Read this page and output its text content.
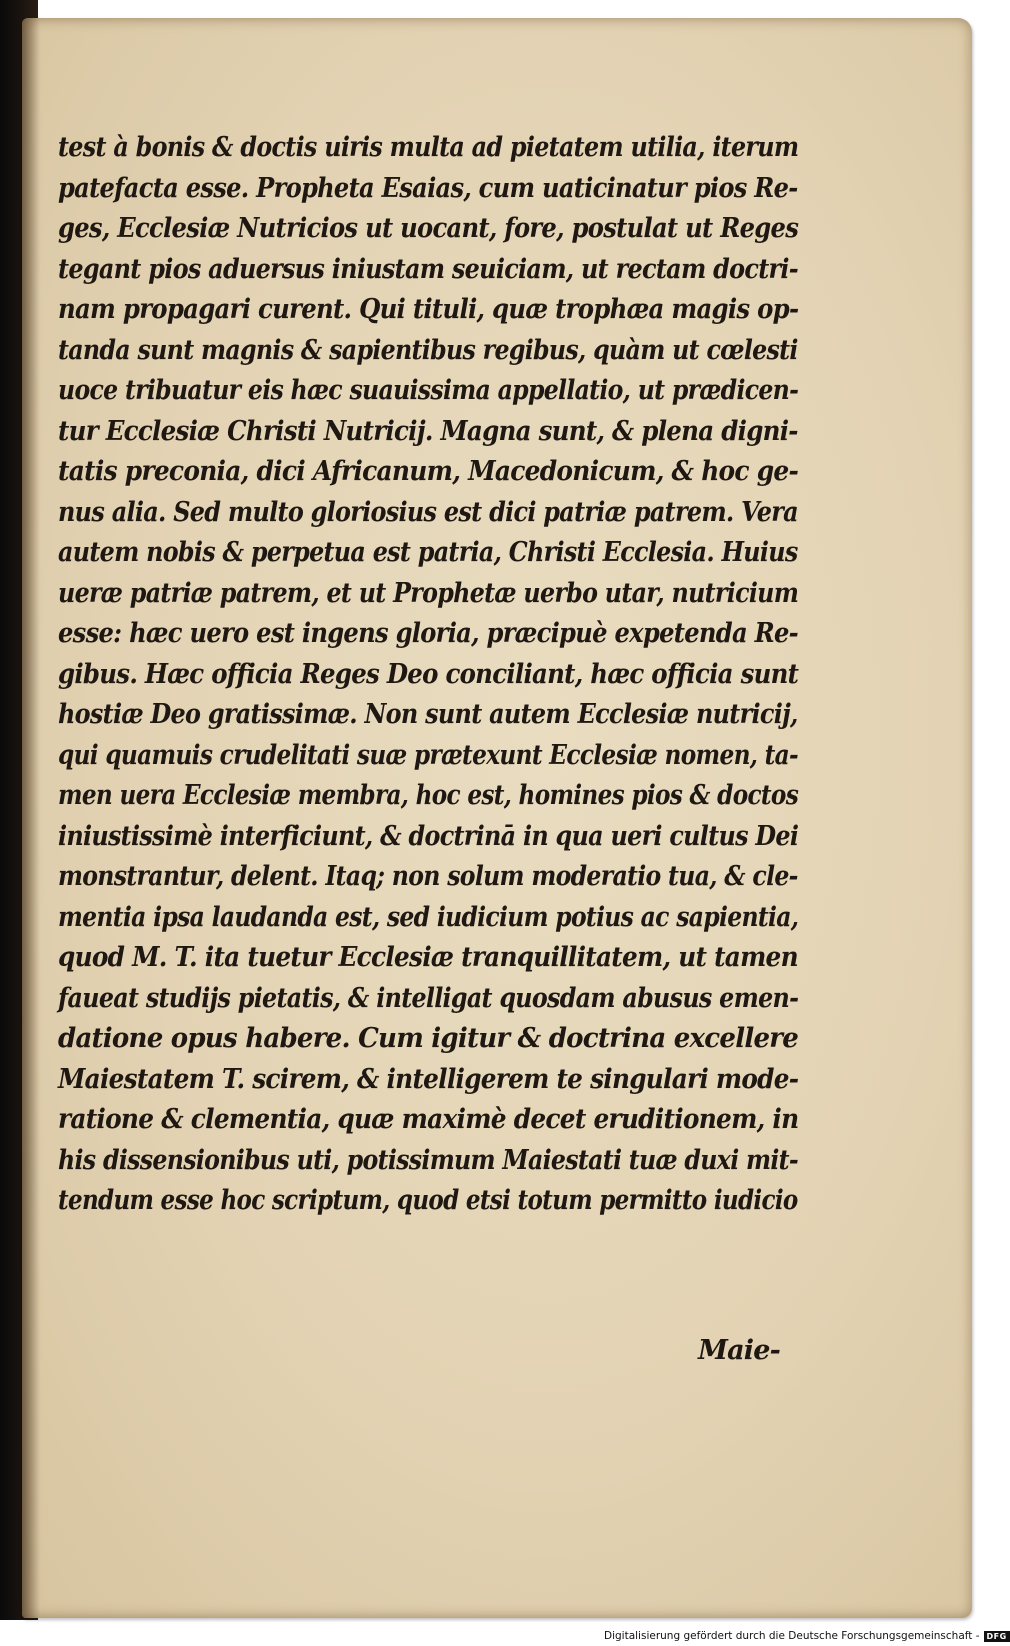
test à bonis & doctis uiris multa ad pietatem utilia, iterum
patefacta esse. Propheta Esaias, cum uaticinatur pios Re-
ges, Ecclesiæ Nutricios ut uocant, fore, postulat ut Reges
tegant pios aduersus iniustam seuiciam, ut rectam doctri-
nam propagari curent. Qui tituli, quæ trophæa magis op-
tanda sunt magnis & sapientibus regibus, quàm ut cœlesti
uoce tribuatur eis hæc suauissima appellatio, ut prædicen-
tur Ecclesiæ Christi Nutricij. Magna sunt, & plena digni-
tatis preconia, dici Africanum, Macedonicum, & hoc ge-
nus alia. Sed multo gloriosius est dici patriæ patrem. Vera
autem nobis & perpetua est patria, Christi Ecclesia. Huius
ueræ patriæ patrem, et ut Prophetæ uerbo utar, nutricium
esse: hæc uero est ingens gloria, præcipuè expetenda Re-
gibus. Hæc officia Reges Deo conciliant, hæc officia sunt
hostiæ Deo gratissimæ. Non sunt autem Ecclesiæ nutricij,
qui quamuis crudelitati suæ prætexunt Ecclesiæ nomen, ta-
men uera Ecclesiæ membra, hoc est, homines pios & doctos
iniustissimè interficiunt, & doctrinā in qua ueri cultus Dei
monstrantur, delent. Itaq; non solum moderatio tua, & cle-
mentia ipsa laudanda est, sed iudicium potius ac sapientia,
quod M. T. ita tuetur Ecclesiæ tranquillitatem, ut tamen
faueat studijs pietatis, & intelligat quosdam abusus emen-
datione opus habere. Cum igitur & doctrina excellere
Maiestatem T. scirem, & intelligerem te singulari mode-
ratione & clementia, quæ maximè decet eruditionem, in
his dissensionibus uti, potissimum Maiestati tuæ duxi mit-
tendum esse hoc scriptum, quod etsi totum permitto iudicio
Maie-
Digitalisierung gefördert durch die Deutsche Forschungsgemeinschaft - DFG
